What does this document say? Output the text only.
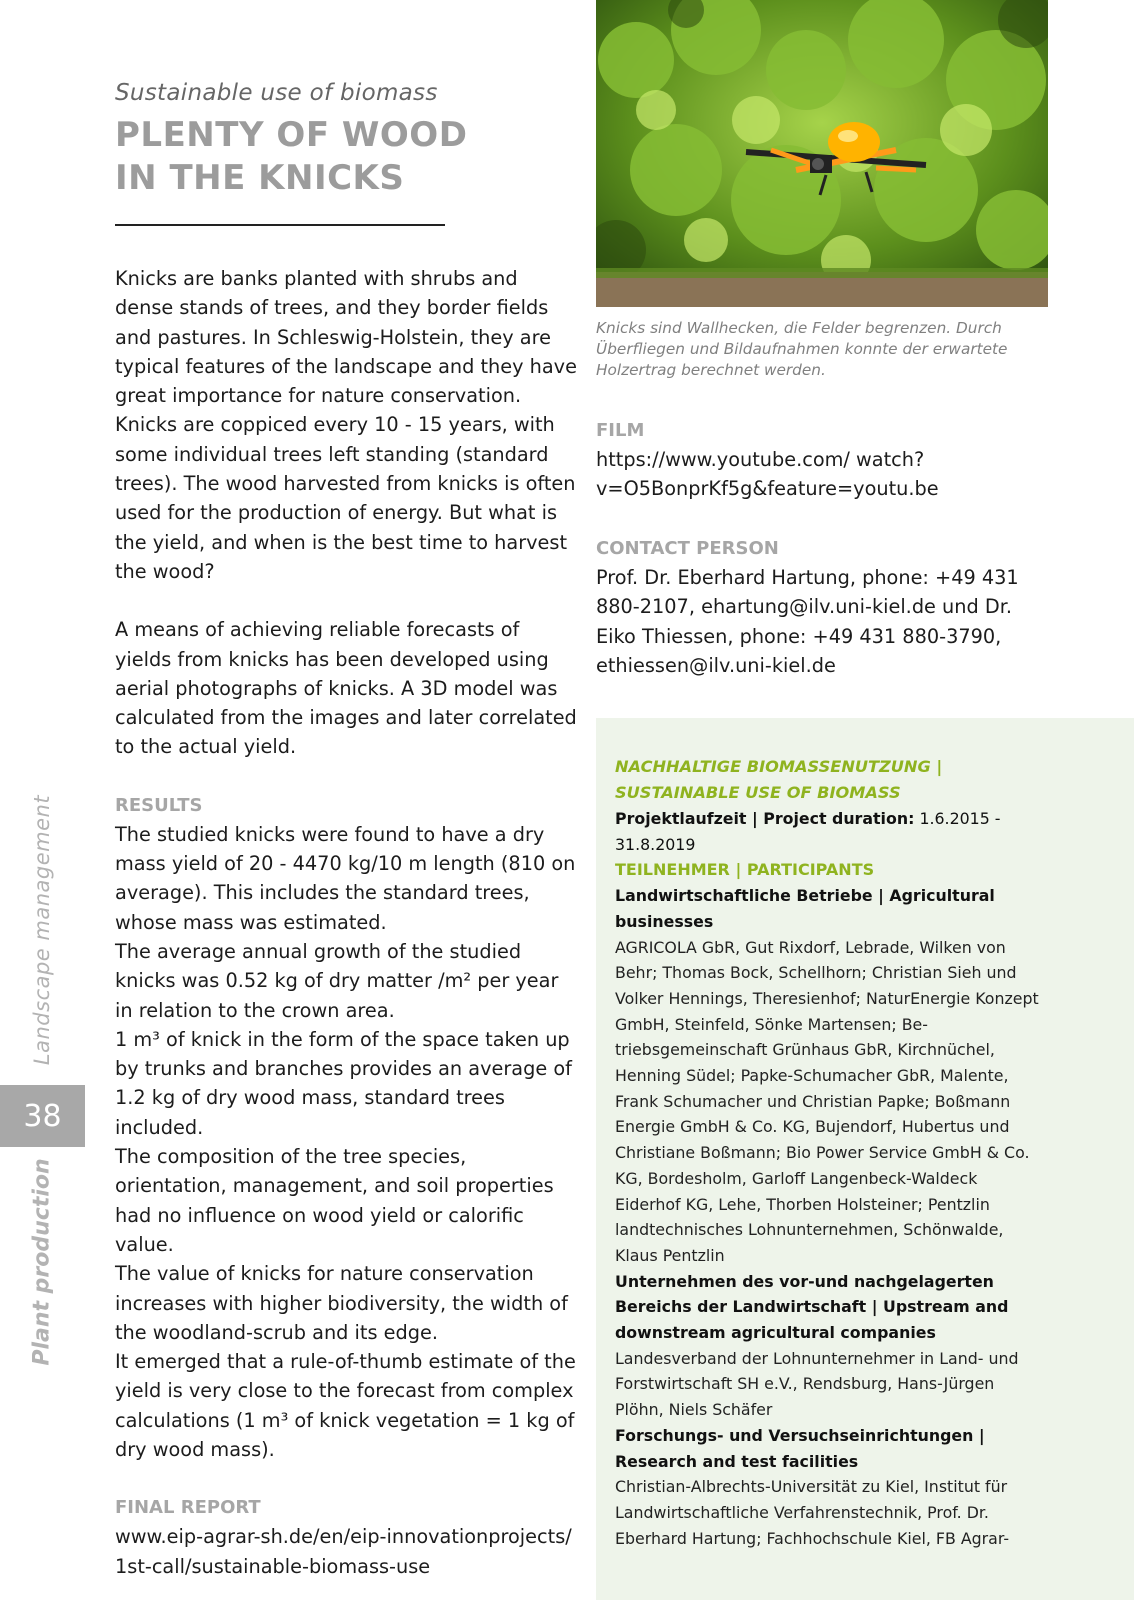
Landscape management
38
Plant production

Sustainable use of biomass

PLENTY OF WOOD
IN THE KNICKS

Knicks are banks planted with shrubs and dense stands of trees, and they border fields and pastures. In Schleswig-Holstein, they are typical features of the landscape and they have great importance for nature conservation. Knicks are coppiced every 10 - 15 years, with some individual trees left standing (standard trees). The wood harvested from knicks is often used for the production of energy. But what is the yield, and when is the best time to harvest the wood?

A means of achieving reliable forecasts of yields from knicks has been developed using aerial photographs of knicks. A 3D model was calculated from the images and later correlated to the actual yield.

RESULTS

The studied knicks were found to have a dry mass yield of 20 - 4470 kg/10 m length (810 on average). This includes the standard trees, whose mass was estimated.

The average annual growth of the studied knicks was 0.52 kg of dry matter /m² per year in relation to the crown area.

1 m³ of knick in the form of the space taken up by trunks and branches provides an average of 1.2 kg of dry wood mass, standard trees included.

The composition of the tree species, orientation, management, and soil properties had no influence on wood yield or calorific value.

The value of knicks for nature conservation increases with higher biodiversity, the width of the woodland-scrub and its edge.

It emerged that a rule-of-thumb estimate of the yield is very close to the forecast from complex calculations (1 m³ of knick vegetation = 1 kg of dry wood mass).

FINAL REPORT

www.eip-agrar-sh.de/en/eip-innovationprojects/ 1st-call/sustainable-biomass-use

Knicks sind Wallhecken, die Felder begrenzen. Durch Überfliegen und Bildaufnahmen konnte der erwartete Holzertrag berechnet werden.

FILM

https://www.youtube.com/ watch?v=O5BonprKf5g&feature=youtu.be

CONTACT PERSON

Prof. Dr. Eberhard Hartung, phone: +49 431 880-2107, ehartung@ilv.uni-kiel.de und Dr. Eiko Thiessen, phone: +49 431 880-3790, ethiessen@ilv.uni-kiel.de

NACHHALTIGE BIOMASSENUTZUNG | SUSTAINABLE USE OF BIOMASS

Projektlaufzeit | Project duration: 1.6.2015 - 31.8.2019

TEILNEHMER | PARTICIPANTS

Landwirtschaftliche Betriebe | Agricultural businesses

AGRICOLA GbR, Gut Rixdorf, Lebrade, Wilken von Behr; Thomas Bock, Schellhorn; Christian Sieh und Volker Hennings, Theresienhof; NaturEnergie Konzept GmbH, Steinfeld, Sönke Martensen; Be-triebsgemeinschaft Grünhaus GbR, Kirchnüchel, Henning Südel; Papke-Schumacher GbR, Malente, Frank Schumacher und Christian Papke; Boßmann Energie GmbH & Co. KG, Bujendorf, Hubertus und Christiane Boßmann; Bio Power Service GmbH & Co. KG, Bordesholm, Garloff Langenbeck-Waldeck Eiderhof KG, Lehe, Thorben Holsteiner; Pentzlin landtechnisches Lohnunternehmen, Schönwalde, Klaus Pentzlin

Unternehmen des vor-und nachgelagerten Bereichs der Landwirtschaft | Upstream and downstream agricultural companies

Landesverband der Lohnunternehmer in Land- und Forstwirtschaft SH e.V., Rendsburg, Hans-Jürgen Plöhn, Niels Schäfer

Forschungs- und Versuchseinrichtungen | Research and test facilities

Christian-Albrechts-Universität zu Kiel, Institut für Landwirtschaftliche Verfahrenstechnik, Prof. Dr. Eberhard Hartung; Fachhochschule Kiel, FB Agrar-
